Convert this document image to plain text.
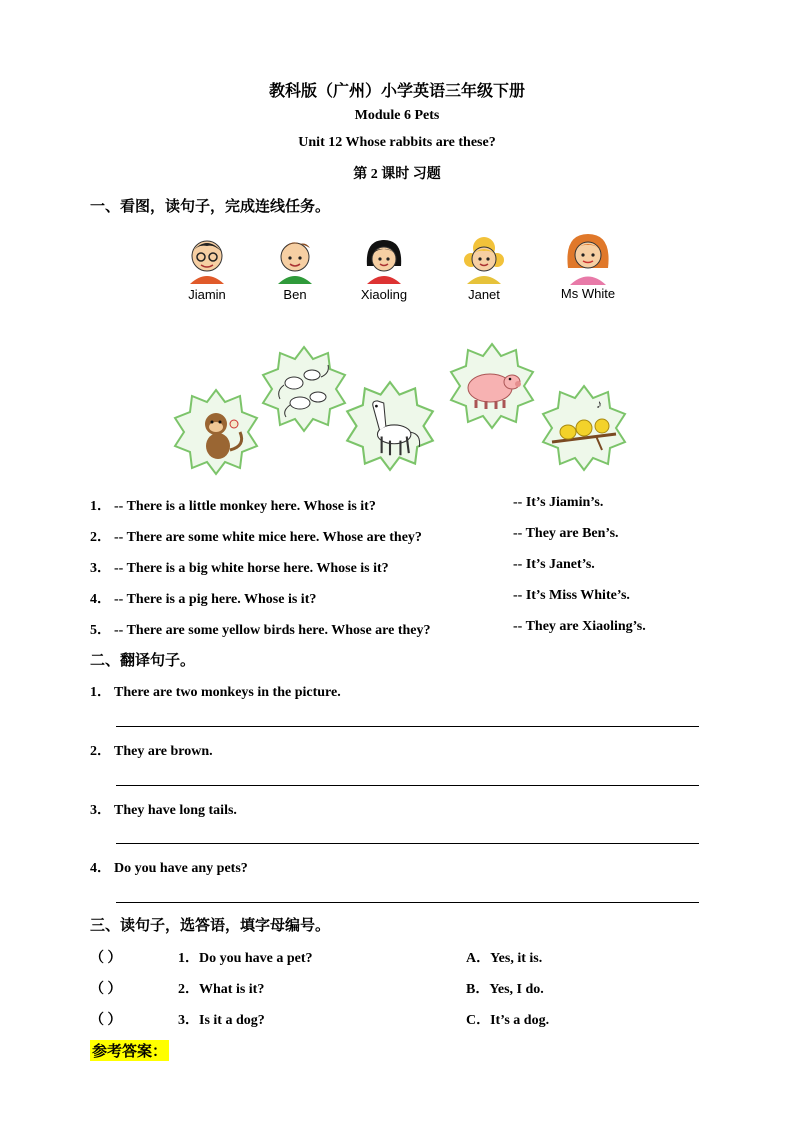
教科版（广州）小学英语三年级下册
Module 6 Pets
Unit 12 Whose rabbits are these?
第 2 课时 习题
一、看图，读句子，完成连线任务。
Jiamin	Ben	Xiaoling	Janet	Ms White
♪
1． -- There is a little monkey here. Whose is it?	-- It’s Jiamin’s.
2． -- There are some white mice here. Whose are they?	-- They are Ben’s.
3． -- There is a big white horse here. Whose is it?	-- It’s Janet’s.
4． -- There is a pig here. Whose is it?	-- It’s Miss White’s.
5． -- There are some yellow birds here. Whose are they?	-- They are Xiaoling’s.
二、翻译句子。
1． There are two monkeys in the picture.
2． They are brown.
3． They have long tails.
4． Do you have any pets?
三、读句子，选答语，填字母编号。
（ ）	1．Do you have a pet?	A．Yes, it is.
（ ）	2．What is it?	B．Yes, I do.
（ ）	3．Is it a dog?	C．It’s a dog.
参考答案：
